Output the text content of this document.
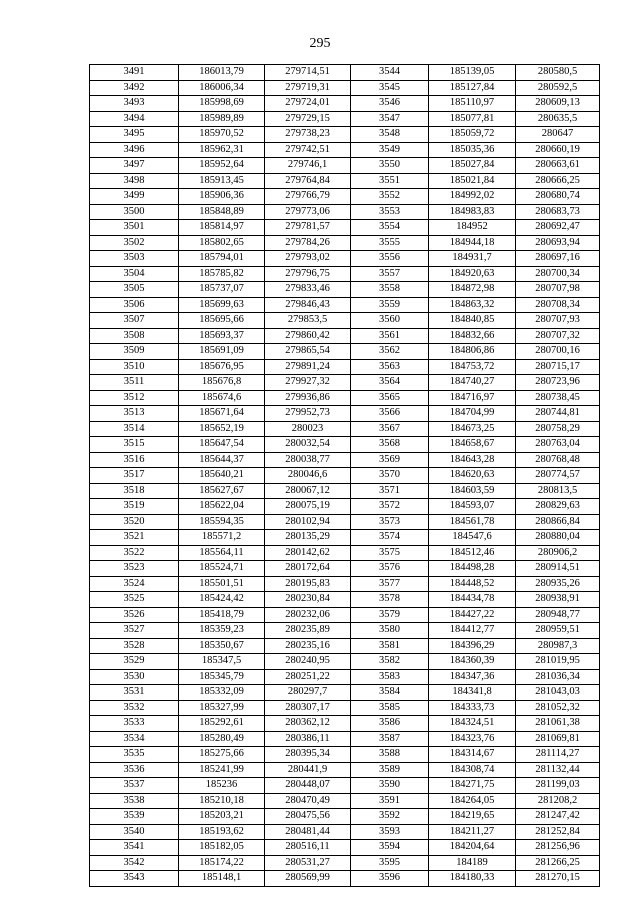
295
3491	186013,79	279714,51	3544	185139,05	280580,5
3492	186006,34	279719,31	3545	185127,84	280592,5
3493	185998,69	279724,01	3546	185110,97	280609,13
3494	185989,89	279729,15	3547	185077,81	280635,5
3495	185970,52	279738,23	3548	185059,72	280647
3496	185962,31	279742,51	3549	185035,36	280660,19
3497	185952,64	279746,1	3550	185027,84	280663,61
3498	185913,45	279764,84	3551	185021,84	280666,25
3499	185906,36	279766,79	3552	184992,02	280680,74
3500	185848,89	279773,06	3553	184983,83	280683,73
3501	185814,97	279781,57	3554	184952	280692,47
3502	185802,65	279784,26	3555	184944,18	280693,94
3503	185794,01	279793,02	3556	184931,7	280697,16
3504	185785,82	279796,75	3557	184920,63	280700,34
3505	185737,07	279833,46	3558	184872,98	280707,98
3506	185699,63	279846,43	3559	184863,32	280708,34
3507	185695,66	279853,5	3560	184840,85	280707,93
3508	185693,37	279860,42	3561	184832,66	280707,32
3509	185691,09	279865,54	3562	184806,86	280700,16
3510	185676,95	279891,24	3563	184753,72	280715,17
3511	185676,8	279927,32	3564	184740,27	280723,96
3512	185674,6	279936,86	3565	184716,97	280738,45
3513	185671,64	279952,73	3566	184704,99	280744,81
3514	185652,19	280023	3567	184673,25	280758,29
3515	185647,54	280032,54	3568	184658,67	280763,04
3516	185644,37	280038,77	3569	184643,28	280768,48
3517	185640,21	280046,6	3570	184620,63	280774,57
3518	185627,67	280067,12	3571	184603,59	280813,5
3519	185622,04	280075,19	3572	184593,07	280829,63
3520	185594,35	280102,94	3573	184561,78	280866,84
3521	185571,2	280135,29	3574	184547,6	280880,04
3522	185564,11	280142,62	3575	184512,46	280906,2
3523	185524,71	280172,64	3576	184498,28	280914,51
3524	185501,51	280195,83	3577	184448,52	280935,26
3525	185424,42	280230,84	3578	184434,78	280938,91
3526	185418,79	280232,06	3579	184427,22	280948,77
3527	185359,23	280235,89	3580	184412,77	280959,51
3528	185350,67	280235,16	3581	184396,29	280987,3
3529	185347,5	280240,95	3582	184360,39	281019,95
3530	185345,79	280251,22	3583	184347,36	281036,34
3531	185332,09	280297,7	3584	184341,8	281043,03
3532	185327,99	280307,17	3585	184333,73	281052,32
3533	185292,61	280362,12	3586	184324,51	281061,38
3534	185280,49	280386,11	3587	184323,76	281069,81
3535	185275,66	280395,34	3588	184314,67	281114,27
3536	185241,99	280441,9	3589	184308,74	281132,44
3537	185236	280448,07	3590	184271,75	281199,03
3538	185210,18	280470,49	3591	184264,05	281208,2
3539	185203,21	280475,56	3592	184219,65	281247,42
3540	185193,62	280481,44	3593	184211,27	281252,84
3541	185182,05	280516,11	3594	184204,64	281256,96
3542	185174,22	280531,27	3595	184189	281266,25
3543	185148,1	280569,99	3596	184180,33	281270,15
